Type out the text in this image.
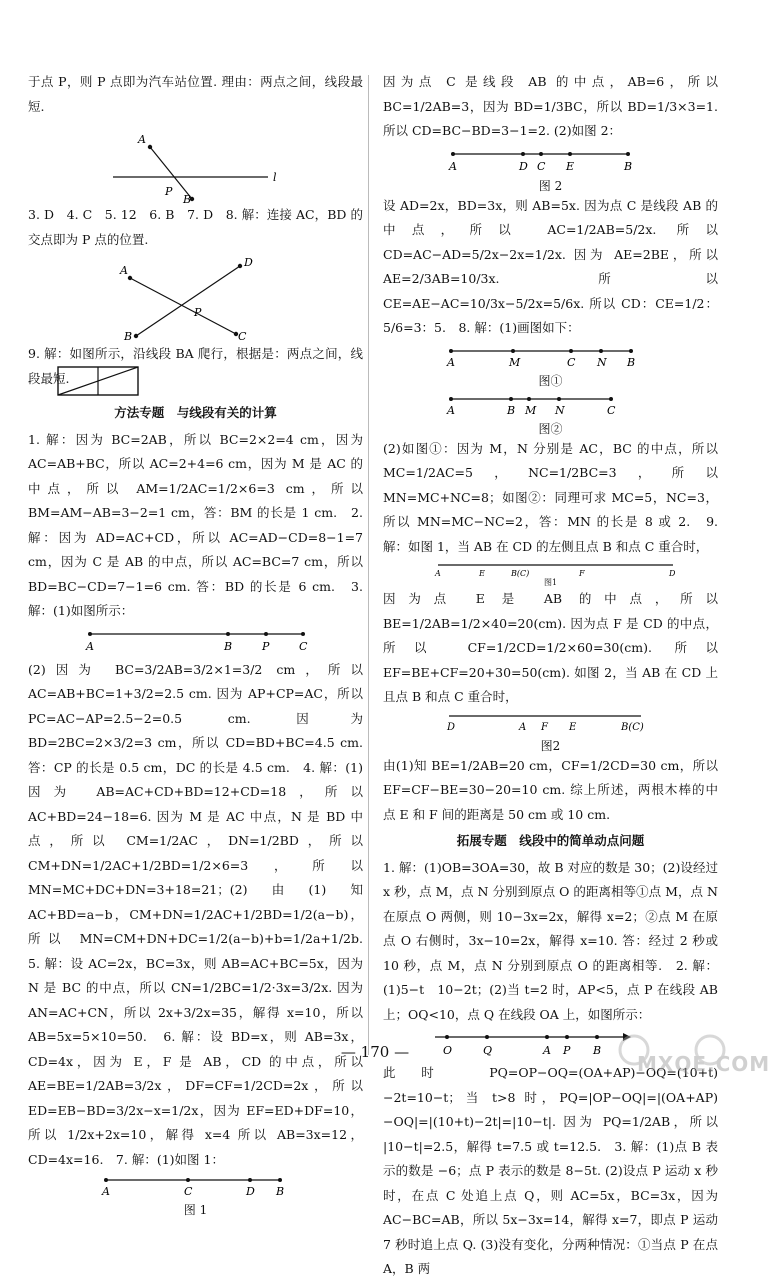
于点 P，则 P 点即为汽车站位置. 理由：两点之间，线段最短.

A
P
B
l

3. D　4. C　5. 12　6. B　7. D　8. 解：连接 AC，BD 的交点即为 P 点的位置.

A
D
P
B	C

9. 解：如图所示，沿线段 BA 爬行，根据是：两点之间，线段最短.

方法专题　与线段有关的计算

1. 解：因为 BC=2AB，所以 BC=2×2=4 cm，因为 AC=AB+BC，所以 AC=2+4=6 cm，因为 M 是 AC 的中点，所以 AM=1/2AC=1/2×6=3 cm，所以 BM=AM−AB=3−2=1 cm，答：BM 的长是 1 cm.　2. 解：因为 AD=AC+CD，所以 AC=AD−CD=8−1=7 cm，因为 C 是 AB 的中点，所以 AC=BC=7 cm，所以 BD=BC−CD=7−1=6 cm. 答：BD 的长是 6 cm.　3. 解：(1)如图所示：

A	B	P	C

(2)因为 BC=3/2AB=3/2×1=3/2 cm，所以 AC=AB+BC=1+3/2=2.5 cm. 因为 AP+CP=AC，所以 PC=AC−AP=2.5−2=0.5 cm. 因为 BD=2BC=2×3/2=3 cm，所以 CD=BD+BC=4.5 cm. 答：CP 的长是 0.5 cm，DC 的长是 4.5 cm.　4. 解：(1)因为 AB=AC+CD+BD=12+CD=18，所以 AC+BD=24−18=6. 因为 M 是 AC 中点，N 是 BD 中点，所以 CM=1/2AC，DN=1/2BD，所以 CM+DN=1/2AC+1/2BD=1/2×6=3，所以 MN=MC+DC+DN=3+18=21；(2)由(1)知 AC+BD=a−b，CM+DN=1/2AC+1/2BD=1/2(a−b)，所以 MN=CM+DN+DC=1/2(a−b)+b=1/2a+1/2b.　5. 解：设 AC=2x，BC=3x，则 AB=AC+BC=5x，因为 N 是 BC 的中点，所以 CN=1/2BC=1/2·3x=3/2x. 因为 AN=AC+CN，所以 2x+3/2x=35，解得 x=10，所以 AB=5x=5×10=50.　6. 解：设 BD=x，则 AB=3x，CD=4x，因为 E，F 是 AB，CD 的中点，所以 AE=BE=1/2AB=3/2x，DF=CF=1/2CD=2x，所以 ED=EB−BD=3/2x−x=1/2x，因为 EF=ED+DF=10，所以 1/2x+2x=10，解得 x=4 所以 AB=3x=12，CD=4x=16.　7. 解：(1)如图 1：

A	C	D B

图 1

因为点 C 是线段 AB 的中点，AB=6，所以 BC=1/2AB=3，因为 BD=1/3BC，所以 BD=1/3×3=1. 所以 CD=BC−BD=3−1=2. (2)如图 2：

A	D C E	B

图 2

设 AD=2x，BD=3x，则 AB=5x. 因为点 C 是线段 AB 的中点，所以 AC=1/2AB=5/2x. 所以 CD=AC−AD=5/2x−2x=1/2x. 因为 AE=2BE，所以 AE=2/3AB=10/3x. 所以 CE=AE−AC=10/3x−5/2x=5/6x. 所以 CD：CE=1/2：5/6=3：5.　8. 解：(1)画图如下：

A	M	C N B

图①

A	B M N	C

图②

(2)如图①：因为 M，N 分别是 AC，BC 的中点，所以 MC=1/2AC=5，NC=1/2BC=3，所以 MN=MC+NC=8；如图②：同理可求 MC=5，NC=3，所以 MN=MC−NC=2，答：MN 的长是 8 或 2.　9. 解：如图 1，当 AB 在 CD 的左侧且点 B 和点 C 重合时，

A	E	B(C)	F	D

图1

因为点 E 是 AB 的中点，所以 BE=1/2AB=1/2×40=20(cm). 因为点 F 是 CD 的中点，所以 CF=1/2CD=1/2×60=30(cm). 所以 EF=BE+CF=20+30=50(cm). 如图 2，当 AB 在 CD 上且点 B 和点 C 重合时，

D	A F E	B(C)

图2

由(1)知 BE=1/2AB=20 cm，CF=1/2CD=30 cm，所以 EF=CF−BE=30−20=10 cm. 综上所述，两根木棒的中点 E 和 F 间的距离是 50 cm 或 10 cm.

拓展专题　线段中的简单动点问题

1. 解：(1)OB=3OA=30，故 B 对应的数是 30；(2)设经过 x 秒，点 M，点 N 分别到原点 O 的距离相等①点 M，点 N 在原点 O 两侧，则 10−3x=2x，解得 x=2；②点 M 在原点 O 右侧时，3x−10=2x，解得 x=10. 答：经过 2 秒或 10 秒，点 M，点 N 分别到原点 O 的距离相等.　2. 解：(1)5−t　10−2t；(2)当 t=2 时，AP<5，点 P 在线段 AB 上；OQ<10，点 Q 在线段 OA 上，如图所示：

O	Q	A P B

此时 PQ=OP−OQ=(OA+AP)−OQ=(10+t)−2t=10−t；当 t>8 时，PQ=|OP−OQ|=|(OA+AP)−OQ|=|(10+t)−2t|=|10−t|. 因为 PQ=1/2AB，所以 |10−t|=2.5，解得 t=7.5 或 t=12.5.　3. 解：(1)点 B 表示的数是 −6；点 P 表示的数是 8−5t. (2)设点 P 运动 x 秒时，在点 C 处追上点 Q，则 AC=5x，BC=3x，因为 AC−BC=AB，所以 5x−3x=14，解得 x=7，即点 P 运动 7 秒时追上点 Q. (3)没有变化，分两种情况：①当点 P 在点 A，B 两

— 170 —	MXQE.COM
